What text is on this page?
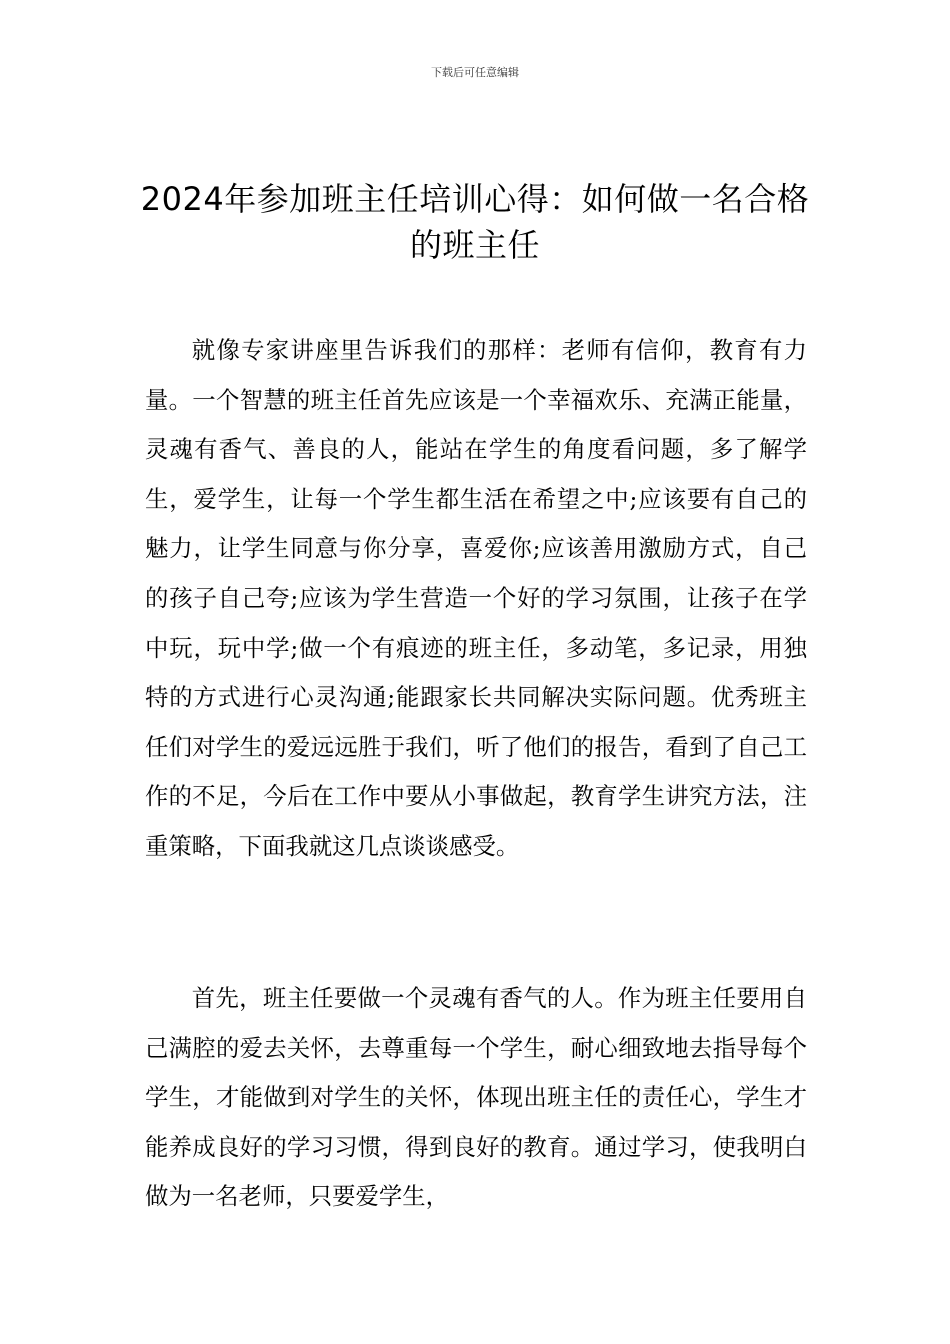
下载后可任意编辑
2024年参加班主任培训心得：如何做一名合格的班主任

就像专家讲座里告诉我们的那样：老师有信仰，教育有力量。一个智慧的班主任首先应该是一个幸福欢乐、充满正能量，灵魂有香气、善良的人，能站在学生的角度看问题，多了解学生，爱学生，让每一个学生都生活在希望之中;应该要有自己的魅力，让学生同意与你分享，喜爱你;应该善用激励方式，自己的孩子自己夸;应该为学生营造一个好的学习氛围，让孩子在学中玩，玩中学;做一个有痕迹的班主任，多动笔，多记录，用独特的方式进行心灵沟通;能跟家长共同解决实际问题。优秀班主任们对学生的爱远远胜于我们，听了他们的报告，看到了自己工作的不足，今后在工作中要从小事做起，教育学生讲究方法，注重策略，下面我就这几点谈谈感受。

首先，班主任要做一个灵魂有香气的人。作为班主任要用自己满腔的爱去关怀，去尊重每一个学生，耐心细致地去指导每个学生，才能做到对学生的关怀，体现出班主任的责任心，学生才能养成良好的学习习惯，得到良好的教育。通过学习，使我明白做为一名老师，只要爱学生，
